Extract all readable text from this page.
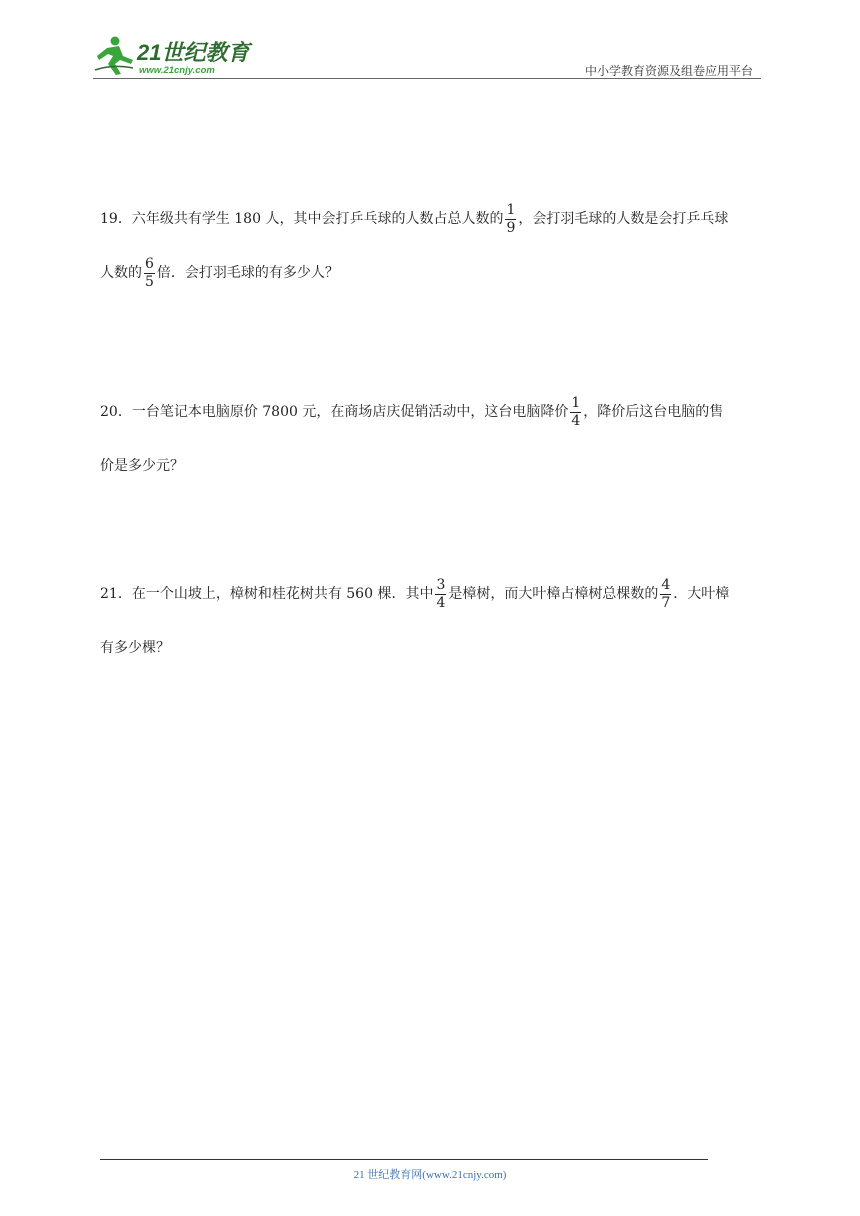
21世纪教育
www.21cnjy.com	中小学教育资源及组卷应用平台
19． 六年级共有学生 180 人，其中会打乒乓球的人数占总人数的 $\frac{1}{9}$ ，会打羽毛球的人数是会打乒乓球
人数的 $\frac{6}{5}$ 倍．会打羽毛球的有多少人？
20． 一台笔记本电脑原价 7800 元，在商场店庆促销活动中，这台电脑降价 $\frac{1}{4}$ ，降价后这台电脑的售
价是多少元？
21． 在一个山坡上，樟树和桂花树共有 560 棵．其中 $\frac{3}{4}$ 是樟树，而大叶樟占樟树总棵数的 $\frac{4}{7}$ ．大叶樟
有多少棵？
21 世纪教育网(www.21cnjy.com)
